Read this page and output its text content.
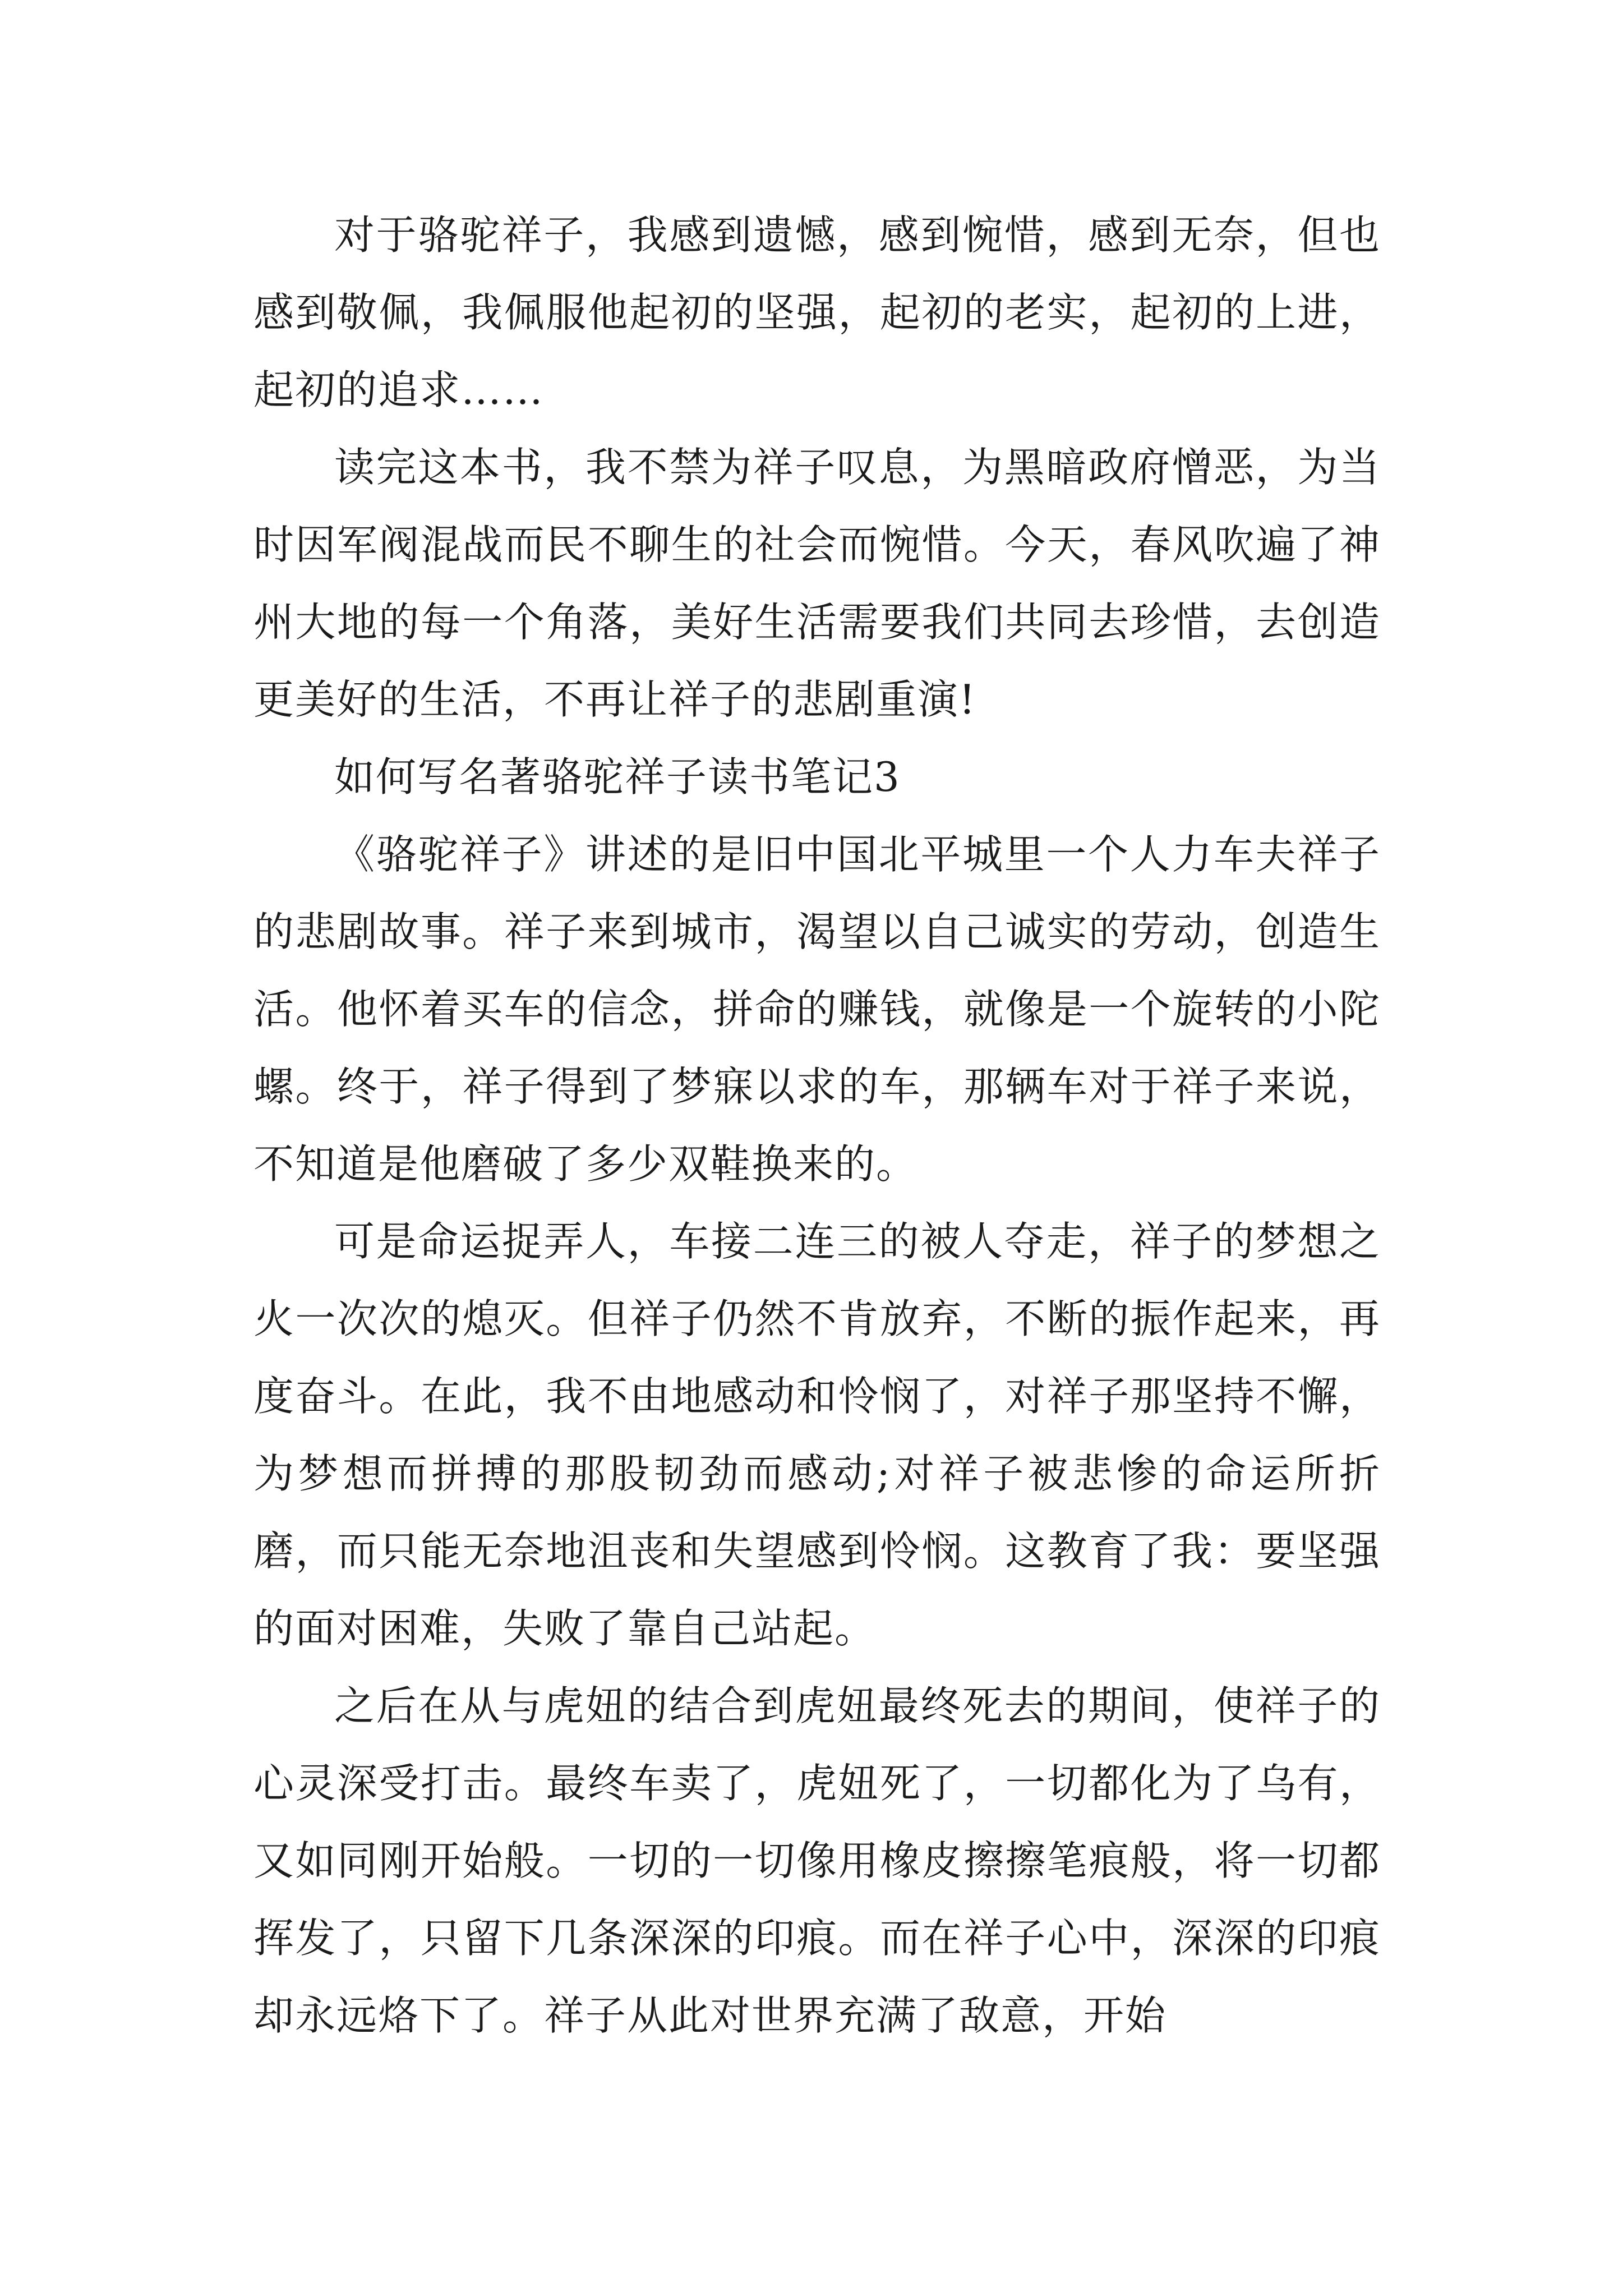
对于骆驼祥子，我感到遗憾，感到惋惜，感到无奈，但也感到敬佩，我佩服他起初的坚强，起初的老实，起初的上进，起初的追求……

读完这本书，我不禁为祥子叹息，为黑暗政府憎恶，为当时因军阀混战而民不聊生的社会而惋惜。今天，春风吹遍了神州大地的每一个角落，美好生活需要我们共同去珍惜，去创造更美好的生活，不再让祥子的悲剧重演!

如何写名著骆驼祥子读书笔记3

《骆驼祥子》讲述的是旧中国北平城里一个人力车夫祥子的悲剧故事。祥子来到城市，渴望以自己诚实的劳动，创造生活。他怀着买车的信念，拼命的赚钱，就像是一个旋转的小陀螺。终于，祥子得到了梦寐以求的车，那辆车对于祥子来说，不知道是他磨破了多少双鞋换来的。

可是命运捉弄人，车接二连三的被人夺走，祥子的梦想之火一次次的熄灭。但祥子仍然不肯放弃，不断的振作起来，再度奋斗。在此，我不由地感动和怜悯了，对祥子那坚持不懈，为梦想而拼搏的那股韧劲而感动;对祥子被悲惨的命运所折磨，而只能无奈地沮丧和失望感到怜悯。这教育了我：要坚强的面对困难，失败了靠自己站起。

之后在从与虎妞的结合到虎妞最终死去的期间，使祥子的心灵深受打击。最终车卖了，虎妞死了，一切都化为了乌有，又如同刚开始般。一切的一切像用橡皮擦擦笔痕般，将一切都挥发了，只留下几条深深的印痕。而在祥子心中，深深的印痕却永远烙下了。祥子从此对世界充满了敌意，开始
